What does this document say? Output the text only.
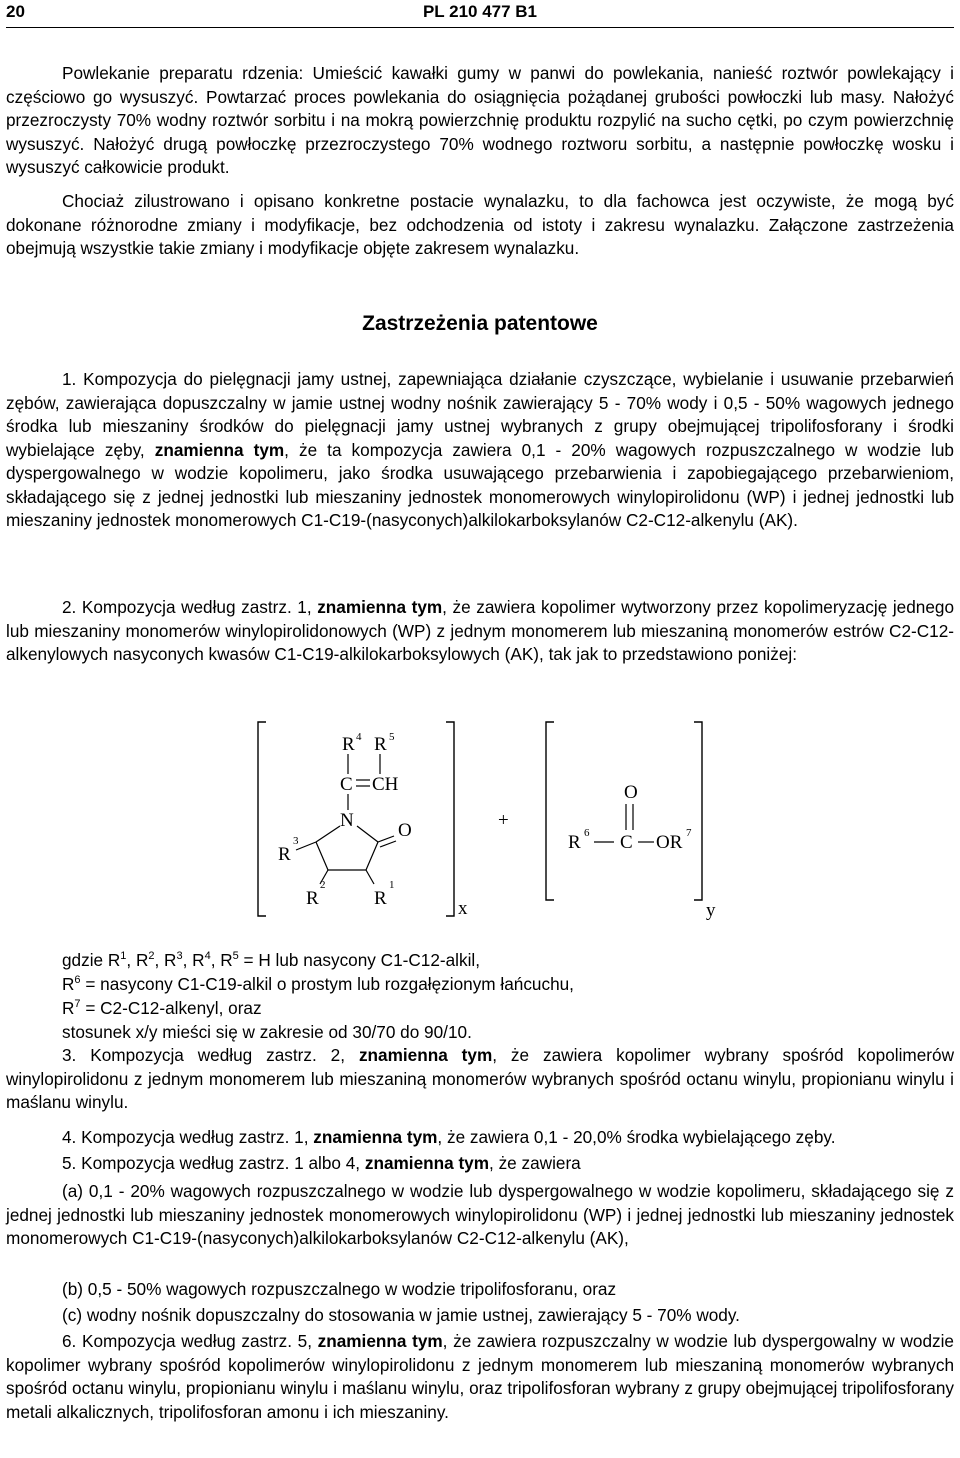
20	PL 210 477 B1

Powlekanie preparatu rdzenia: Umieścić kawałki gumy w panwi do powlekania, nanieść roztwór powlekający i częściowo go wysuszyć. Powtarzać proces powlekania do osiągnięcia pożądanej grubości powłoczki lub masy. Nałożyć przezroczysty 70% wodny roztwór sorbitu i na mokrą powierzchnię produktu rozpylić na sucho cętki, po czym powierzchnię wysuszyć. Nałożyć drugą powłoczkę przezroczystego 70% wodnego roztworu sorbitu, a następnie powłoczkę wosku i wysuszyć całkowicie produkt.

Chociaż zilustrowano i opisano konkretne postacie wynalazku, to dla fachowca jest oczywiste, że mogą być dokonane różnorodne zmiany i modyfikacje, bez odchodzenia od istoty i zakresu wynalazku. Załączone zastrzeżenia obejmują wszystkie takie zmiany i modyfikacje objęte zakresem wynalazku.

Zastrzeżenia patentowe

1. Kompozycja do pielęgnacji jamy ustnej, zapewniająca działanie czyszczące, wybielanie i usuwanie przebarwień zębów, zawierająca dopuszczalny w jamie ustnej wodny nośnik zawierający 5 - 70% wody i 0,5 - 50% wagowych jednego środka lub mieszaniny środków do pielęgnacji jamy ustnej wybranych z grupy obejmującej tripolifosforany i środki wybielające zęby, znamienna tym, że ta kompozycja zawiera 0,1 - 20% wagowych rozpuszczalnego w wodzie lub dyspergowalnego w wodzie kopolimeru, jako środka usuwającego przebarwienia i zapobiegającego przebarwieniom, składającego się z jednej jednostki lub mieszaniny jednostek monomerowych winylopirolidonu (WP) i jednej jednostki lub mieszaniny jednostek monomerowych C1-C19-(nasyconych)alkilokarboksylanów C2-C12-alkenylu (AK).

2. Kompozycja według zastrz. 1, znamienna tym, że zawiera kopolimer wytworzony przez kopolimeryzację jednego lub mieszaniny monomerów winylopirolidonowych (WP) z jednym monomerem lub mieszaniną monomerów estrów C2-C12-alkenylowych nasyconych kwasów C1-C19-alkilokarboksylowych (AK), tak jak to przedstawiono poniżej:

x
R 4 R 5
C CH
N O
R
3
R
2
R
1
+
y
O
R 6 C OR 7
gdzie $R^1$, $R^2$, $R^3$, $R^4$, $R^5 = H$ lub nasycony C1-C12-alkil,
$R^6$ = nasycony C1-C19-alkil o prostym lub rozgałęzionym łańcuchu,
$R^7$ = C2-C12-alkenyl, oraz
stosunek x/y mieści się w zakresie od 30/70 do 90/10.

3. Kompozycja według zastrz. 2, znamienna tym, że zawiera kopolimer wybrany spośród kopolimerów winylopirolidonu z jednym monomerem lub mieszaniną monomerów wybranych spośród octanu winylu, propionianu winylu i maślanu winylu.

4. Kompozycja według zastrz. 1, znamienna tym, że zawiera 0,1 - 20,0% środka wybielającego zęby.

5. Kompozycja według zastrz. 1 albo 4, znamienna tym, że zawiera

(a) 0,1 - 20% wagowych rozpuszczalnego w wodzie lub dyspergowalnego w wodzie kopolimeru, składającego się z jednej jednostki lub mieszaniny jednostek monomerowych winylopirolidonu (WP) i jednej jednostki lub mieszaniny jednostek monomerowych C1-C19-(nasyconych)alkilokarboksylanów C2-C12-alkenylu (AK),

(b) 0,5 - 50% wagowych rozpuszczalnego w wodzie tripolifosforanu, oraz

(c) wodny nośnik dopuszczalny do stosowania w jamie ustnej, zawierający 5 - 70% wody.

6. Kompozycja według zastrz. 5, znamienna tym, że zawiera rozpuszczalny w wodzie lub dyspergowalny w wodzie kopolimer wybrany spośród kopolimerów winylopirolidonu z jednym monomerem lub mieszaniną monomerów wybranych spośród octanu winylu, propionianu winylu i maślanu winylu, oraz tripolifosforan wybrany z grupy obejmującej tripolifosforany metali alkalicznych, tripolifosforan amonu i ich mieszaniny.
